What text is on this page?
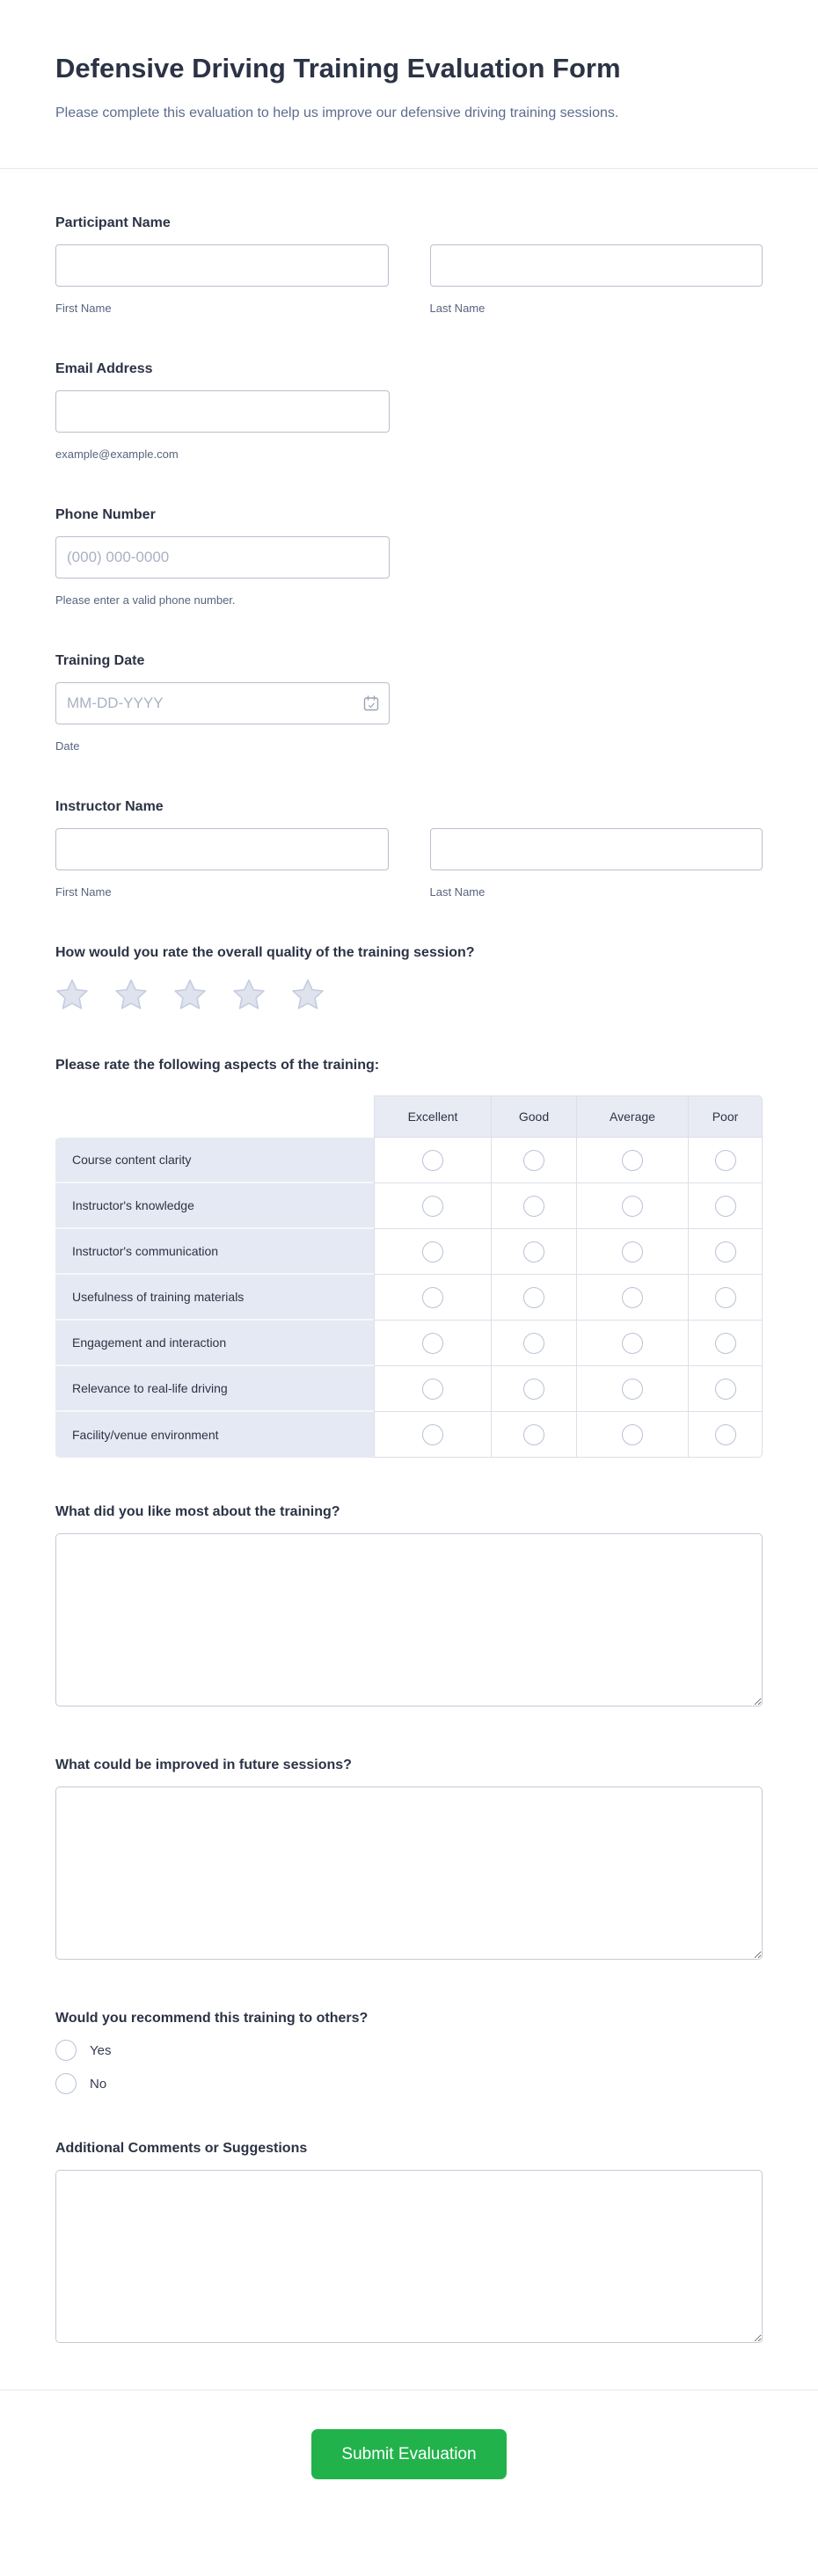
Defensive Driving Training Evaluation Form
Please complete this evaluation to help us improve our defensive driving training sessions.
Participant Name
First Name	Last Name
Email Address
example@example.com
Phone Number
(000) 000-0000
Please enter a valid phone number.
Training Date
MM-DD-YYYY
Date
Instructor Name
First Name	Last Name
How would you rate the overall quality of the training session?
Please rate the following aspects of the training:
	Excellent	Good	Average	Poor
Course content clarity				
Instructor's knowledge				
Instructor's communication				
Usefulness of training materials				
Engagement and interaction				
Relevance to real-life driving				
Facility/venue environment				
What did you like most about the training?
What could be improved in future sessions?
Would you recommend this training to others?
Yes
No
Additional Comments or Suggestions
Submit Evaluation
